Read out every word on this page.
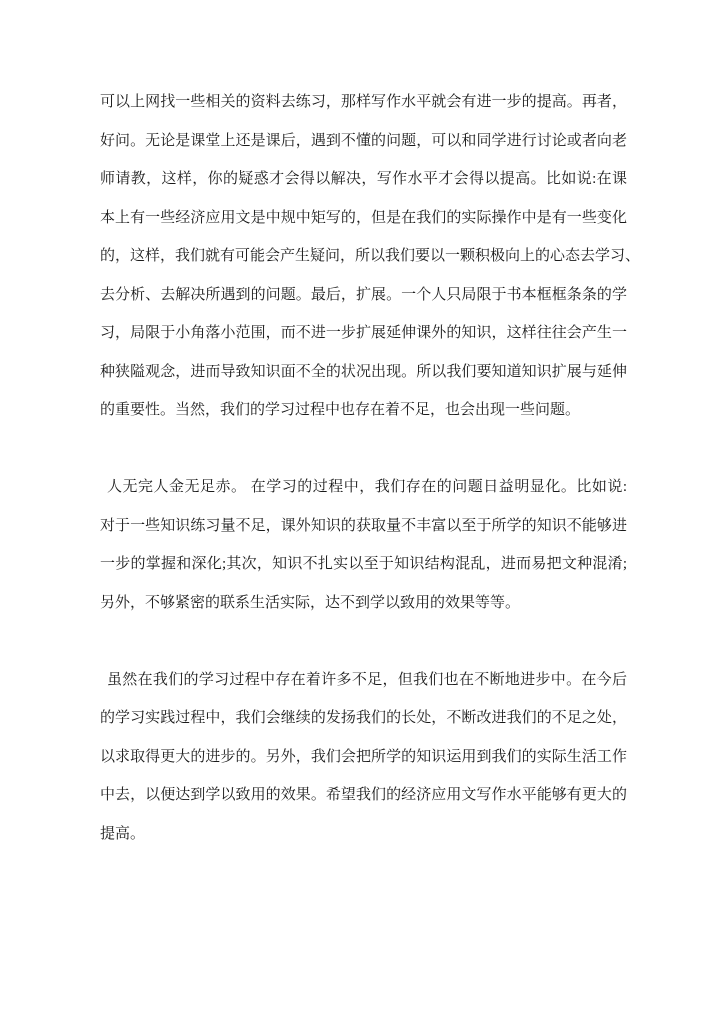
可以上网找一些相关的资料去练习，那样写作水平就会有进一步的提高。再者，
好问。无论是课堂上还是课后，遇到不懂的问题，可以和同学进行讨论或者向老
师请教，这样，你的疑惑才会得以解决，写作水平才会得以提高。比如说:在课
本上有一些经济应用文是中规中矩写的，但是在我们的实际操作中是有一些变化
的，这样，我们就有可能会产生疑问，所以我们要以一颗积极向上的心态去学习、
去分析、去解决所遇到的问题。最后，扩展。一个人只局限于书本框框条条的学
习，局限于小角落小范围，而不进一步扩展延伸课外的知识，这样往往会产生一
种狭隘观念，进而导致知识面不全的状况出现。所以我们要知道知识扩展与延伸
的重要性。当然，我们的学习过程中也存在着不足，也会出现一些问题。
人无完人金无足赤。 在学习的过程中，我们存在的问题日益明显化。比如说:
对于一些知识练习量不足，课外知识的获取量不丰富以至于所学的知识不能够进
一步的掌握和深化;其次，知识不扎实以至于知识结构混乱，进而易把文种混淆;
另外，不够紧密的联系生活实际，达不到学以致用的效果等等。
虽然在我们的学习过程中存在着许多不足，但我们也在不断地进步中。在今后
的学习实践过程中，我们会继续的发扬我们的长处，不断改进我们的不足之处，
以求取得更大的进步的。另外，我们会把所学的知识运用到我们的实际生活工作
中去，以便达到学以致用的效果。希望我们的经济应用文写作水平能够有更大的
提高。
